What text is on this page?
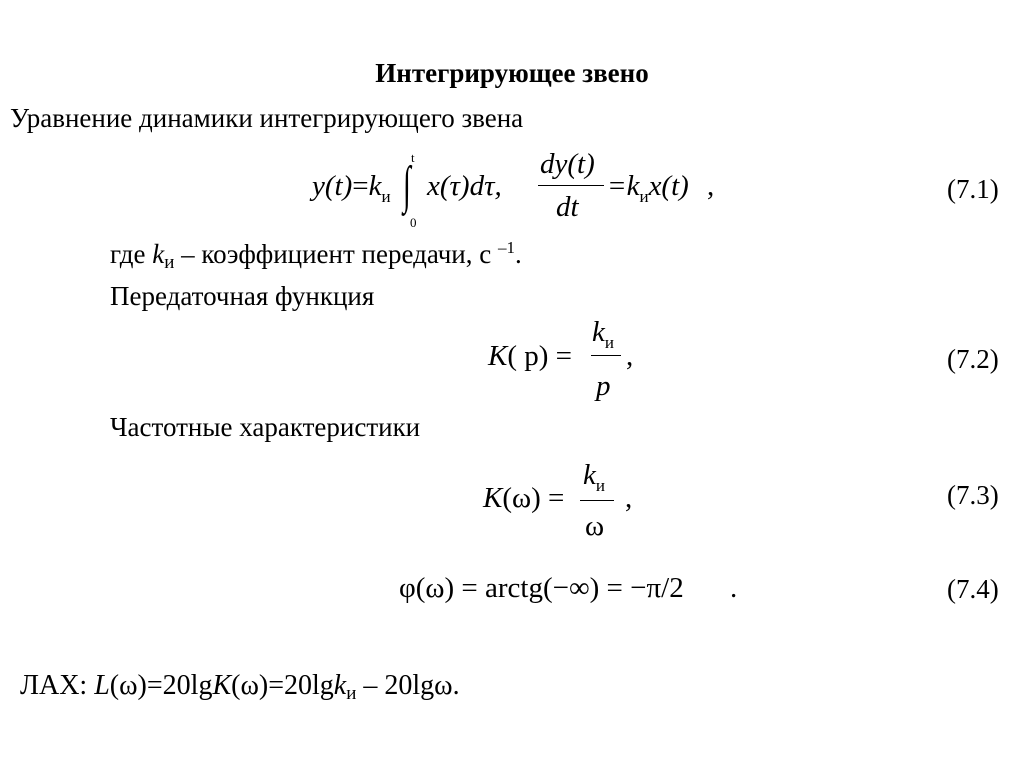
Интегрирующее звено
Уравнение динамики интегрирующего звена
$y(t)=k_и$ ∫ t
0
x(τ)dτ,
dy(t)
dt
$=k_иx(t)$ ,	(7.1)
где kи – коэффициент передачи, с $^{-1}$.
Передаточная функция
K( p) =
$k_и$
p
,	(7.2)
Частотные характеристики
K(ω) =
$k_и$
ω
,	(7.3)
φ(ω) = arctg(−∞) = −π/2 .	(7.4)
ЛАХ: L(ω)=20lgK(ω)=20lgkи – 20lgω.
